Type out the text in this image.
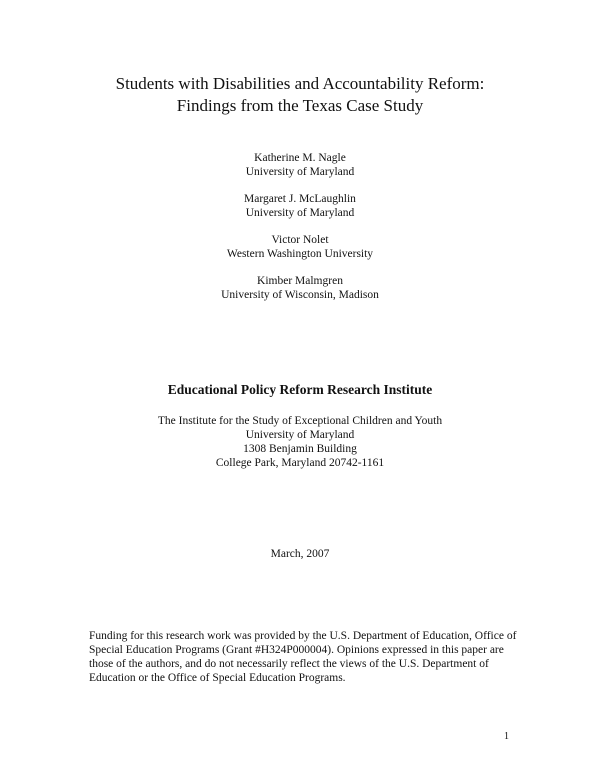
Students with Disabilities and Accountability Reform:
Findings from the Texas Case Study
Katherine M. Nagle
University of Maryland
Margaret J. McLaughlin
University of Maryland
Victor Nolet
Western Washington University
Kimber Malmgren
University of Wisconsin, Madison
Educational Policy Reform Research Institute
The Institute for the Study of Exceptional Children and Youth
University of Maryland
1308 Benjamin Building
College Park, Maryland 20742-1161
March, 2007
Funding for this research work was provided by the U.S. Department of Education, Office of
Special Education Programs (Grant #H324P000004). Opinions expressed in this paper are
those of the authors, and do not necessarily reflect the views of the U.S. Department of
Education or the Office of Special Education Programs.
1
